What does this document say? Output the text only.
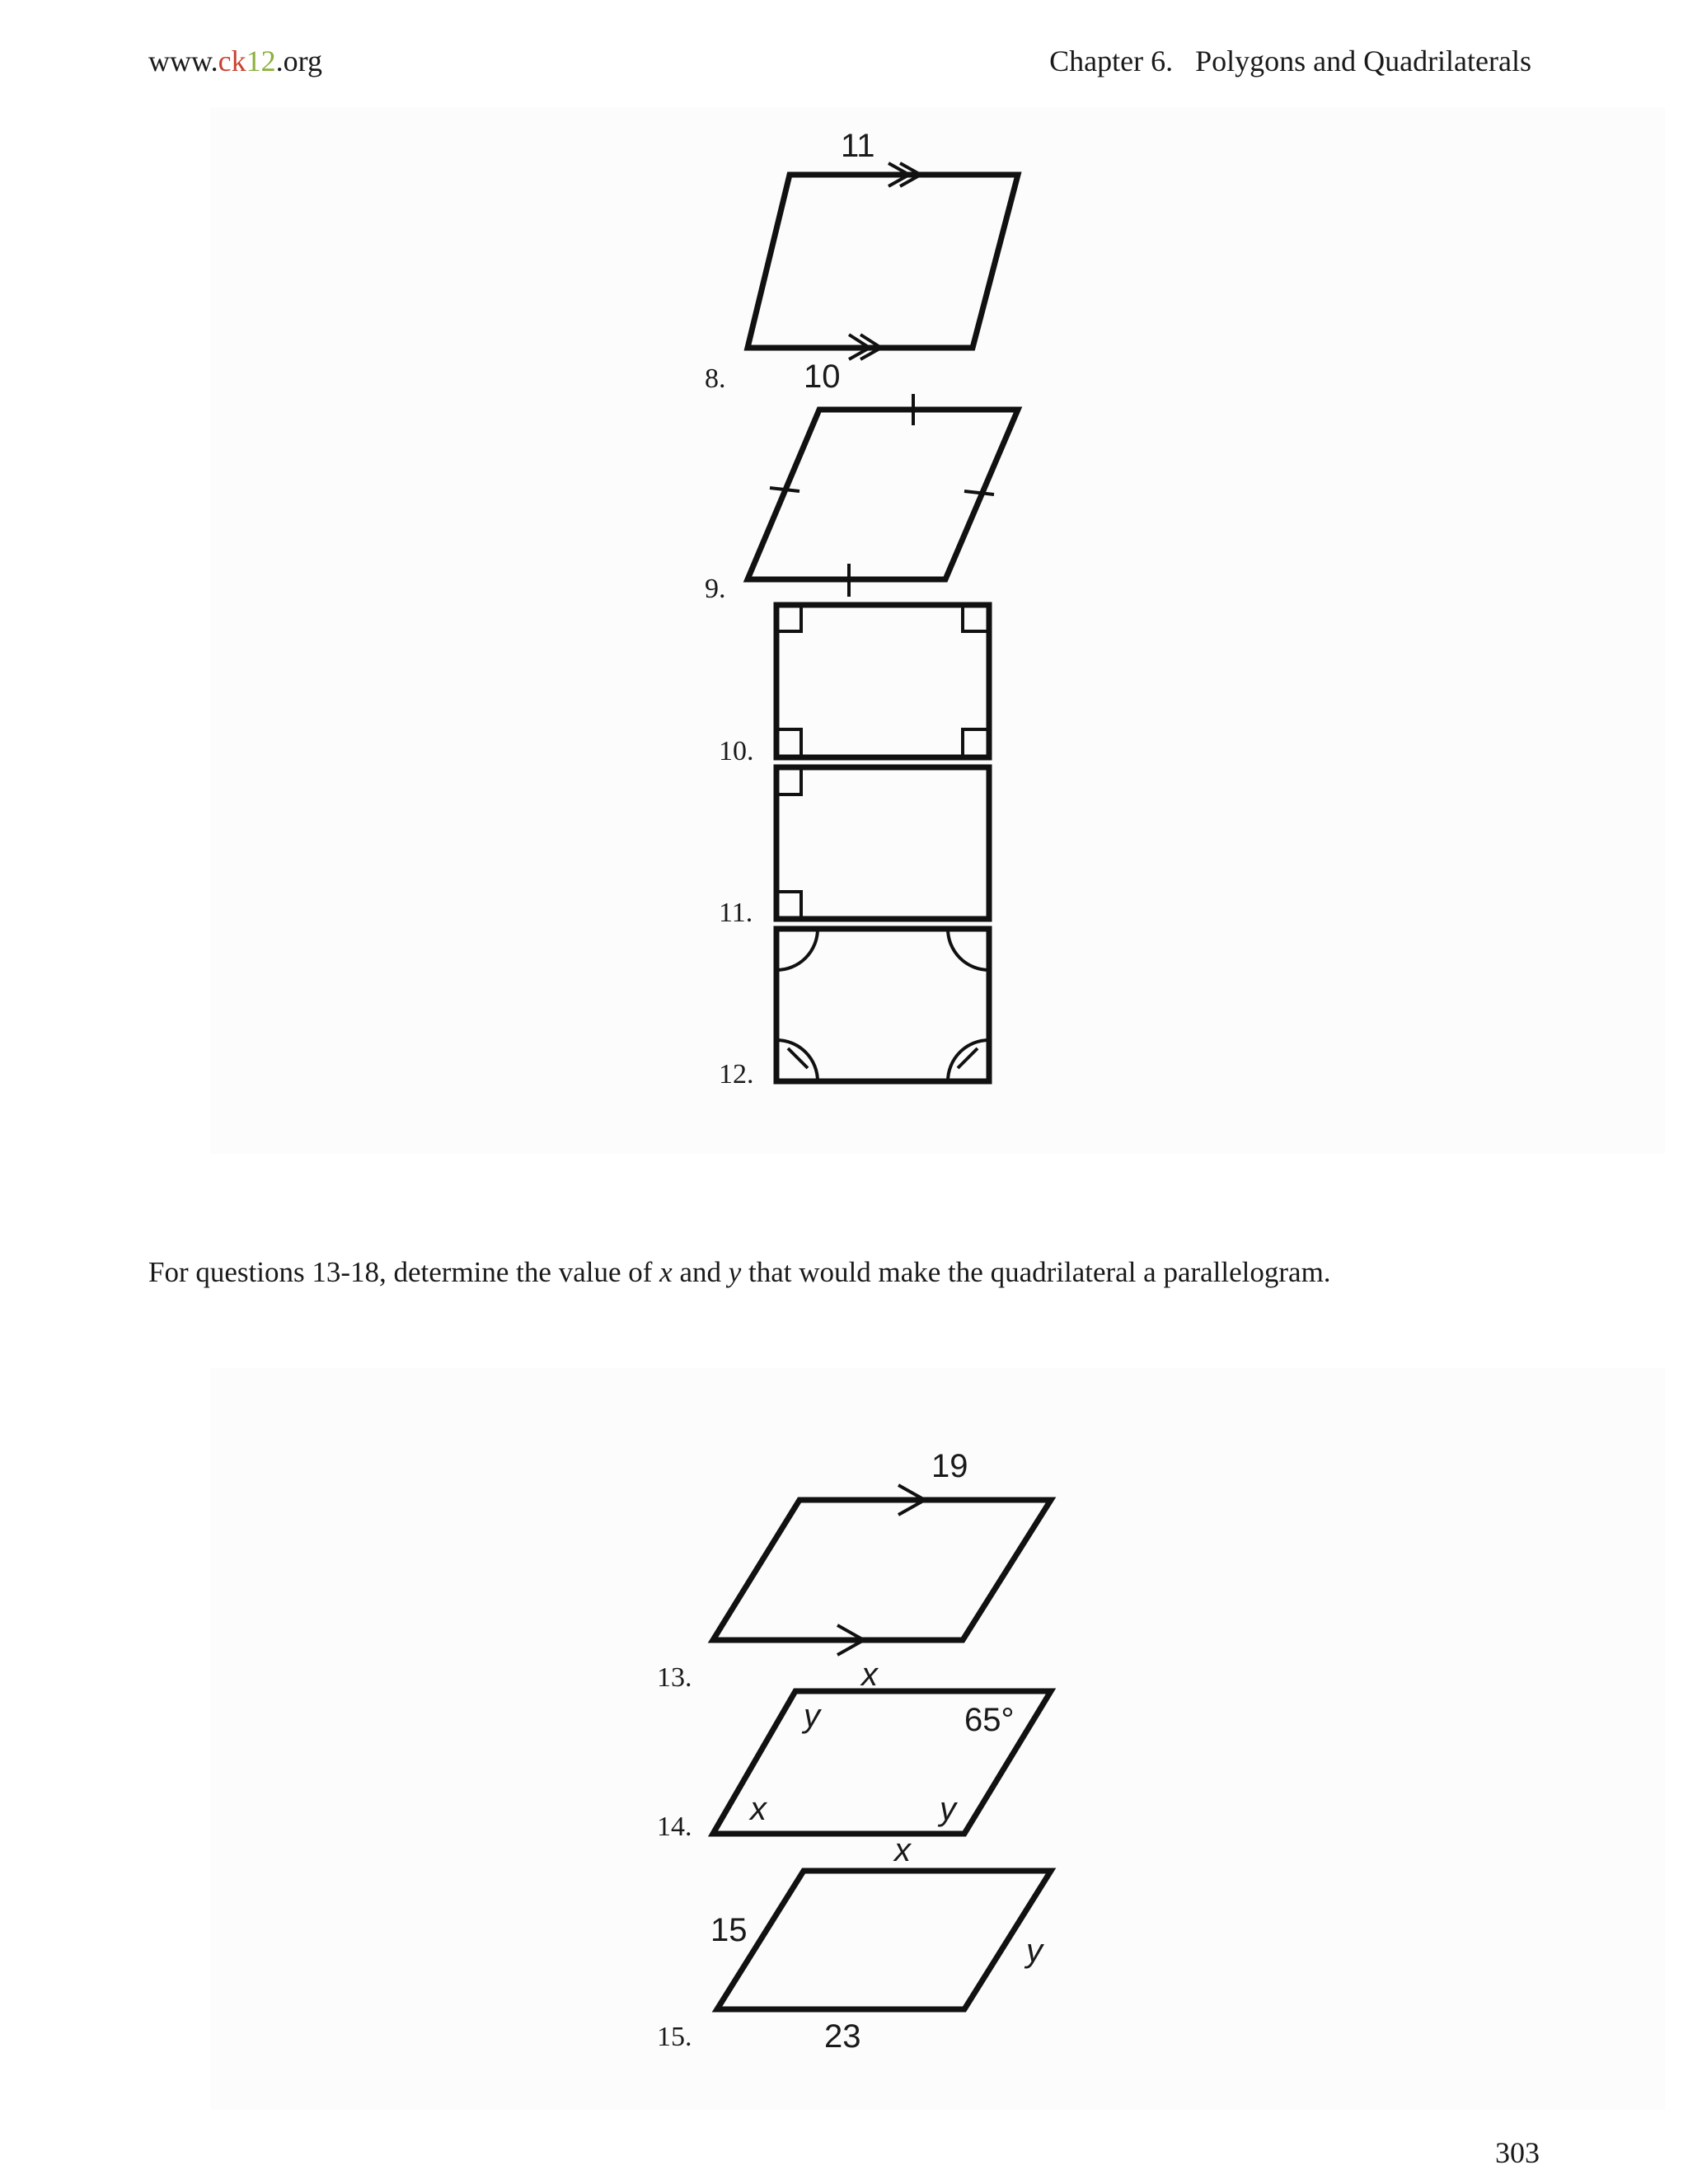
www.ck12.org	Chapter 6. Polygons and Quadrilaterals
8.
11
10
9.
10.
11.
12.
For questions 13-18, determine the value of x and y that would make the quadrilateral a parallelogram.
13.
19
x
14.
y	65°
x	y
x
15.
15
y
23
303
